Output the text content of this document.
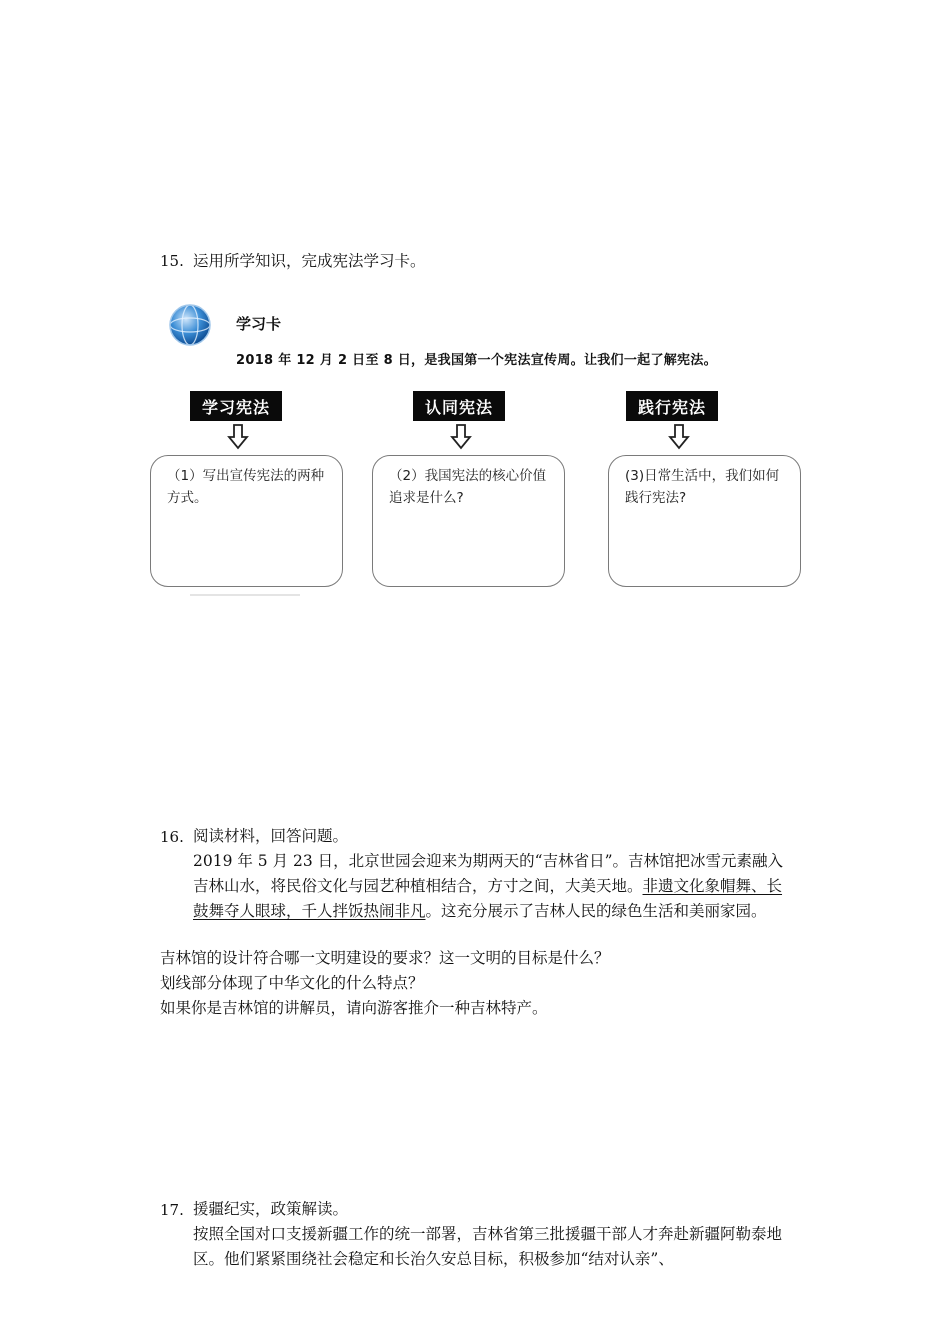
15. 运用所学知识，完成宪法学习卡。
学习卡
2018 年 12 月 2 日至 8 日，是我国第一个宪法宣传周。让我们一起了解宪法。
学习宪法
（1）写出宣传宪法的两种方式。
认同宪法
（2）我国宪法的核心价值追求是什么?
践行宪法
(3)日常生活中，我们如何践行宪法?
16. 阅读材料，回答问题。
2019 年 5 月 23 日，北京世园会迎来为期两天的“吉林省日”。吉林馆把冰雪元素融入吉林山水，将民俗文化与园艺种植相结合，方寸之间，大美天地。非遗文化象帽舞、长鼓舞夺人眼球，千人拌饭热闹非凡。这充分展示了吉林人民的绿色生活和美丽家园。
吉林馆的设计符合哪一文明建设的要求？这一文明的目标是什么？
划线部分体现了中华文化的什么特点？
如果你是吉林馆的讲解员，请向游客推介一种吉林特产。
17. 援疆纪实，政策解读。
按照全国对口支援新疆工作的统一部署，吉林省第三批援疆干部人才奔赴新疆阿勒泰地区。他们紧紧围绕社会稳定和长治久安总目标，积极参加“结对认亲”、
